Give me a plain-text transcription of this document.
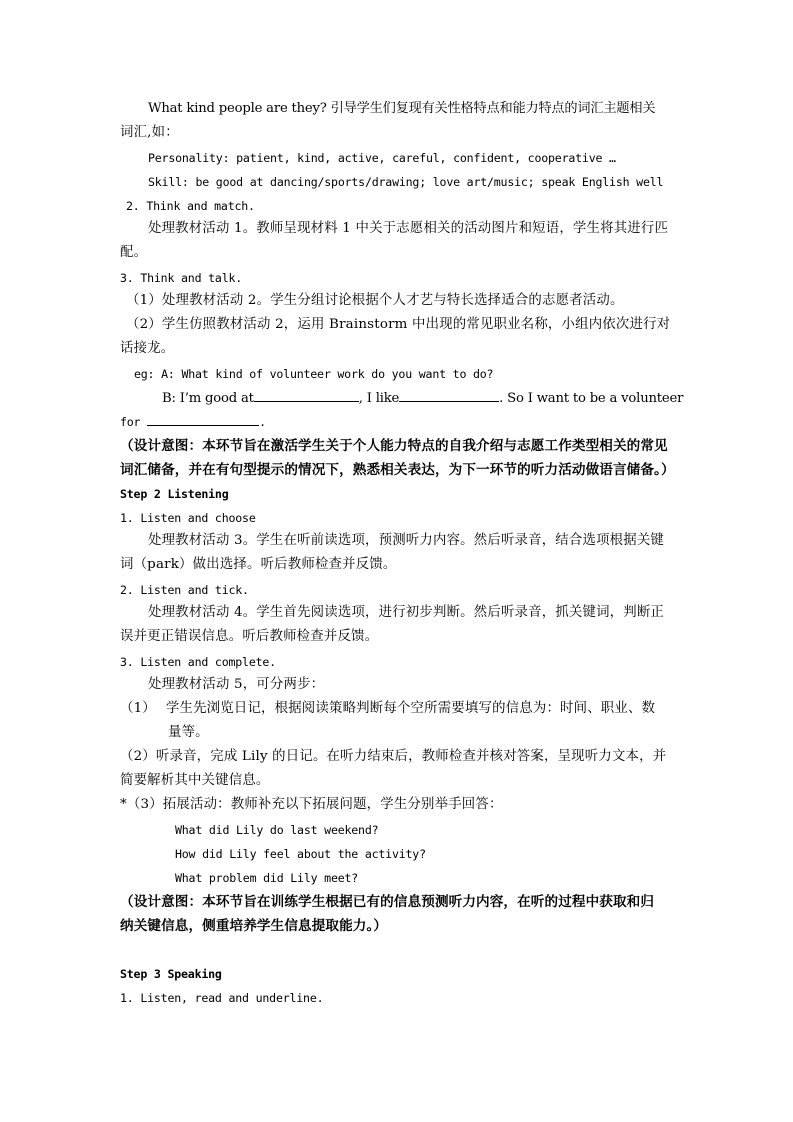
What kind people are they? 引导学生们复现有关性格特点和能力特点的词汇主题相关
词汇,如：
Personality: patient, kind, active, careful, confident, cooperative …
Skill: be good at dancing/sports/drawing; love art/music; speak English well
2. Think and match.
处理教材活动 1。教师呈现材料 1 中关于志愿相关的活动图片和短语，学生将其进行匹
配。
3. Think and talk.
（1）处理教材活动 2。学生分组讨论根据个人才艺与特长选择适合的志愿者活动。
（2）学生仿照教材活动 2，运用 Brainstorm 中出现的常见职业名称，小组内依次进行对
话接龙。
eg: A: What kind of volunteer work do you want to do?
B: I’m good at	, I like	. So I want to be a volunteer
for	.
（设计意图：本环节旨在激活学生关于个人能力特点的自我介绍与志愿工作类型相关的常见
词汇储备，并在有句型提示的情况下，熟悉相关表达，为下一环节的听力活动做语言储备。）
Step 2 Listening
1. Listen and choose
处理教材活动 3。学生在听前读选项，预测听力内容。然后听录音，结合选项根据关键
词（park）做出选择。听后教师检查并反馈。
2. Listen and tick.
处理教材活动 4。学生首先阅读选项，进行初步判断。然后听录音，抓关键词，判断正
误并更正错误信息。听后教师检查并反馈。
3. Listen and complete.
处理教材活动 5，可分两步：
（1） 学生先浏览日记，根据阅读策略判断每个空所需要填写的信息为：时间、职业、数
量等。
（2）听录音，完成 Lily 的日记。在听力结束后，教师检查并核对答案，呈现听力文本，并
简要解析其中关键信息。
*（3）拓展活动：教师补充以下拓展问题，学生分别举手回答：
What did Lily do last weekend?
How did Lily feel about the activity?
What problem did Lily meet?
（设计意图：本环节旨在训练学生根据已有的信息预测听力内容，在听的过程中获取和归
纳关键信息，侧重培养学生信息提取能力。）
Step 3 Speaking
1. Listen, read and underline.
